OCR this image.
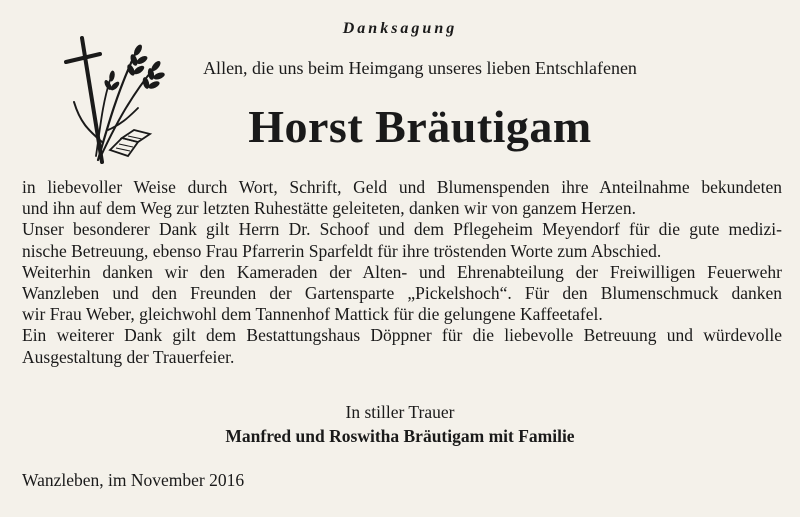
Danksagung
Allen, die uns beim Heimgang unseres lieben Entschlafenen
Horst Bräutigam
in liebevoller Weise durch Wort, Schrift, Geld und Blumenspenden ihre Anteilnahme bekundeten
und ihn auf dem Weg zur letzten Ruhestätte geleiteten, danken wir von ganzem Herzen.
Unser besonderer Dank gilt Herrn Dr. Schoof und dem Pflegeheim Meyendorf für die gute medizi-
nische Betreuung, ebenso Frau Pfarrerin Sparfeldt für ihre tröstenden Worte zum Abschied.
Weiterhin danken wir den Kameraden der Alten- und Ehrenabteilung der Freiwilligen Feuerwehr
Wanzleben und den Freunden der Gartensparte „Pickelshoch“. Für den Blumenschmuck danken
wir Frau Weber, gleichwohl dem Tannenhof Mattick für die gelungene Kaffeetafel.
Ein weiterer Dank gilt dem Bestattungshaus Döppner für die liebevolle Betreuung und würdevolle
Ausgestaltung der Trauerfeier.
In stiller Trauer
Manfred und Roswitha Bräutigam mit Familie
Wanzleben, im November 2016
